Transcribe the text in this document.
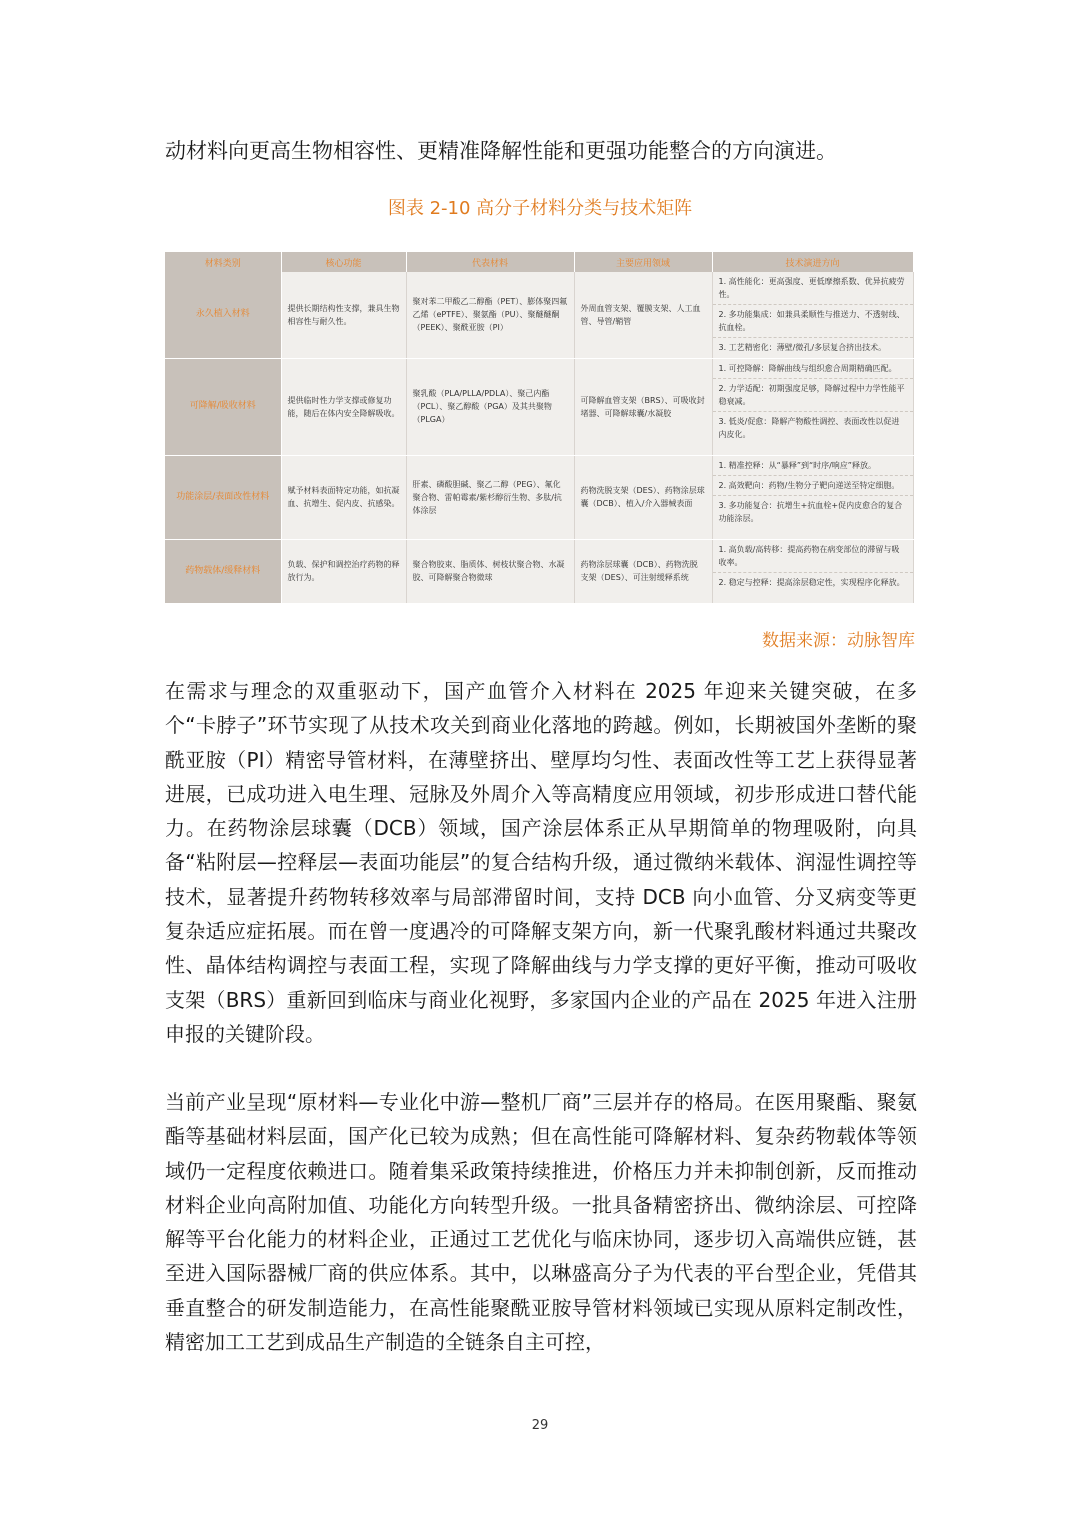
动材料向更高生物相容性、更精准降解性能和更强功能整合的方向演进。

图表 2-10 高分子材料分类与技术矩阵
材料类别	核心功能	代表材料	主要应用领域	技术演进方向
永久植入材料	提供长期结构性支撑，兼具生物相容性与耐久性。	聚对苯二甲酸乙二醇酯（PET）、膨体聚四氟乙烯（ePTFE）、聚氨酯（PU）、聚醚醚酮（PEEK）、聚酰亚胺（PI）	外周血管支架、覆膜支架、人工血管、导管/鞘管	1. 高性能化：更高强度、更低摩擦系数、优异抗疲劳性。
2. 多功能集成：如兼具柔顺性与推送力、不透射线、抗血栓。
3. 工艺精密化：薄壁/微孔/多层复合挤出技术。

可降解/吸收材料	提供临时性力学支撑或修复功能，随后在体内安全降解吸收。	聚乳酸（PLA/PLLA/PDLA）、聚己内酯（PCL）、聚乙醇酸（PGA）及其共聚物（PLGA）	可降解血管支架（BRS）、可吸收封堵器、可降解球囊/水凝胶	1. 可控降解：降解曲线与组织愈合周期精确匹配。
2. 力学适配：初期强度足够，降解过程中力学性能平稳衰减。
3. 低炎/促愈：降解产物酸性调控、表面改性以促进内皮化。

功能涂层/表面改性材料	赋予材料表面特定功能，如抗凝血、抗增生、促内皮、抗感染。	肝素、磷酸胆碱、聚乙二醇（PEG）、氟化聚合物、雷帕霉素/紫杉醇衍生物、多肽/抗体涂层	药物洗脱支架（DES）、药物涂层球囊（DCB）、植入/介入器械表面	1. 精准控释：从“暴释”到“时序/响应”释放。
2. 高效靶向：药物/生物分子靶向递送至特定细胞。
3. 多功能复合：抗增生+抗血栓+促内皮愈合的复合功能涂层。

药物载体/缓释材料	负载、保护和调控治疗药物的释放行为。	聚合物胶束、脂质体、树枝状聚合物、水凝胶、可降解聚合物微球	药物涂层球囊（DCB）、药物洗脱支架（DES）、可注射缓释系统	1. 高负载/高转移：提高药物在病变部位的滞留与吸收率。
2. 稳定与控释：提高涂层稳定性，实现程序化释放。
数据来源：动脉智库

在需求与理念的双重驱动下，国产血管介入材料在 2025 年迎来关键突破，在多个“卡脖子”环节实现了从技术攻关到商业化落地的跨越。例如，长期被国外垄断的聚酰亚胺（PI）精密导管材料，在薄壁挤出、壁厚均匀性、表面改性等工艺上获得显著进展，已成功进入电生理、冠脉及外周介入等高精度应用领域，初步形成进口替代能力。在药物涂层球囊（DCB）领域，国产涂层体系正从早期简单的物理吸附，向具备“粘附层—控释层—表面功能层”的复合结构升级，通过微纳米载体、润湿性调控等技术，显著提升药物转移效率与局部滞留时间，支持 DCB 向小血管、分叉病变等更复杂适应症拓展。而在曾一度遇冷的可降解支架方向，新一代聚乳酸材料通过共聚改性、晶体结构调控与表面工程，实现了降解曲线与力学支撑的更好平衡，推动可吸收支架（BRS）重新回到临床与商业化视野，多家国内企业的产品在 2025 年进入注册申报的关键阶段。

当前产业呈现“原材料—专业化中游—整机厂商”三层并存的格局。在医用聚酯、聚氨酯等基础材料层面，国产化已较为成熟；但在高性能可降解材料、复杂药物载体等领域仍一定程度依赖进口。随着集采政策持续推进，价格压力并未抑制创新，反而推动材料企业向高附加值、功能化方向转型升级。一批具备精密挤出、微纳涂层、可控降解等平台化能力的材料企业，正通过工艺优化与临床协同，逐步切入高端供应链，甚至进入国际器械厂商的供应体系。其中，以琳盛高分子为代表的平台型企业，凭借其垂直整合的研发制造能力，在高性能聚酰亚胺导管材料领域已实现从原料定制改性，精密加工工艺到成品生产制造的全链条自主可控，

29
